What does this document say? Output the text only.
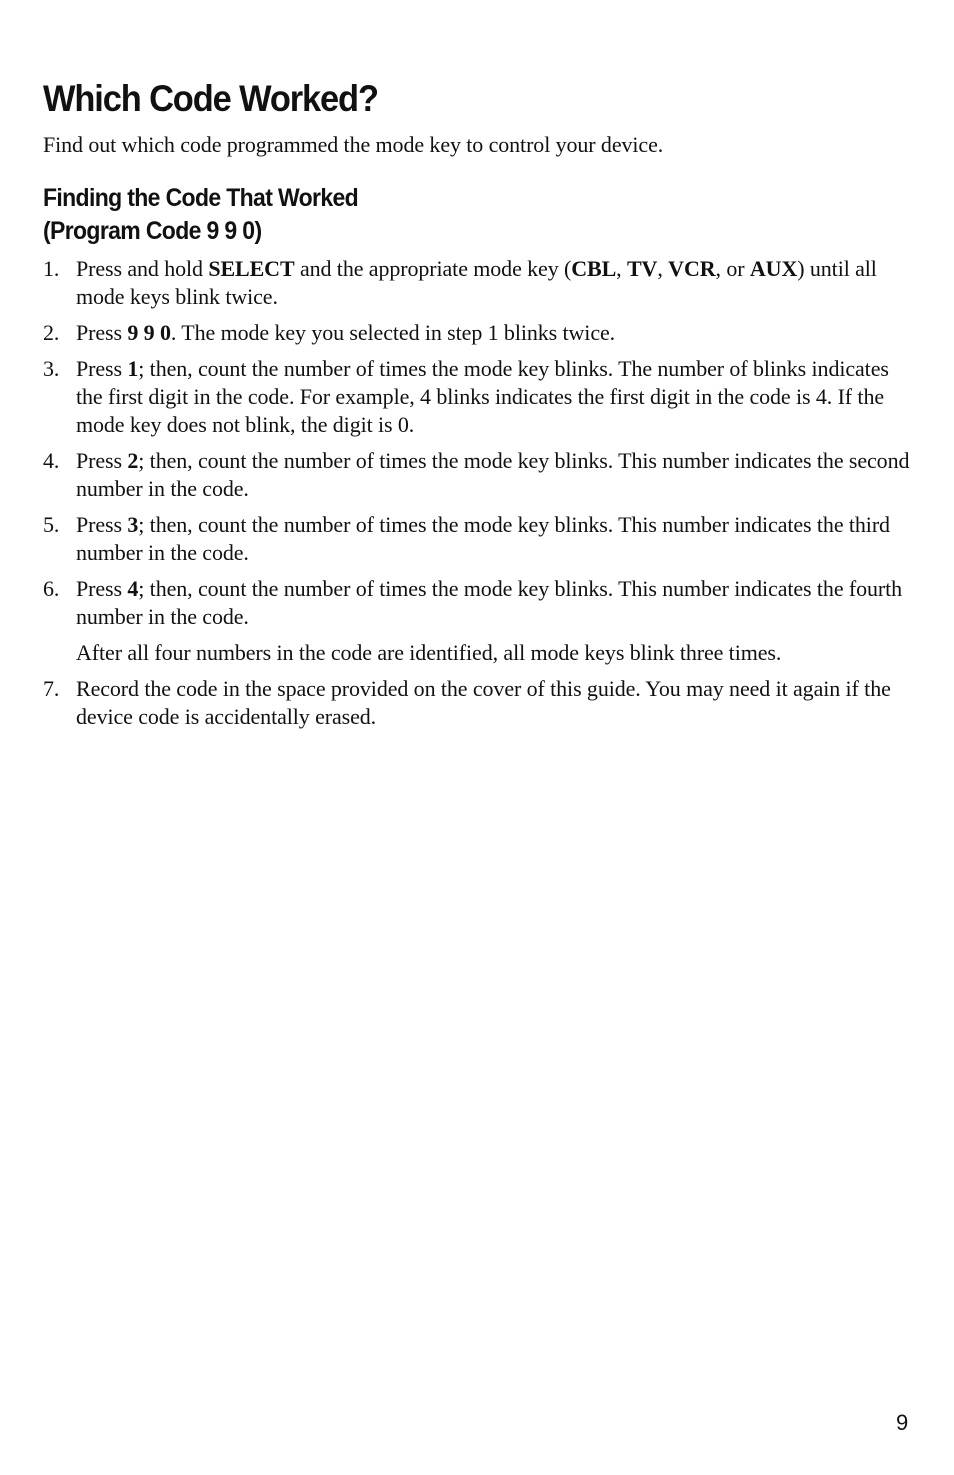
Which Code Worked?

Find out which code programmed the mode key to control your device.

Finding the Code That Worked
(Program Code 9 9 0)
1. Press and hold SELECT and the appropriate mode key (CBL, TV, VCR, or AUX) until all mode keys blink twice.
2. Press 9 9 0. The mode key you selected in step 1 blinks twice.
3. Press 1; then, count the number of times the mode key blinks. The number of blinks indicates the first digit in the code. For example, 4 blinks indicates the first digit in the code is 4. If the mode key does not blink, the digit is 0.
4. Press 2; then, count the number of times the mode key blinks. This number indicates the second number in the code.
5. Press 3; then, count the number of times the mode key blinks. This number indicates the third number in the code.
6. Press 4; then, count the number of times the mode key blinks. This number indicates the fourth number in the code.
After all four numbers in the code are identified, all mode keys blink three times.
7. Record the code in the space provided on the cover of this guide. You may need it again if the device code is accidentally erased.
9
